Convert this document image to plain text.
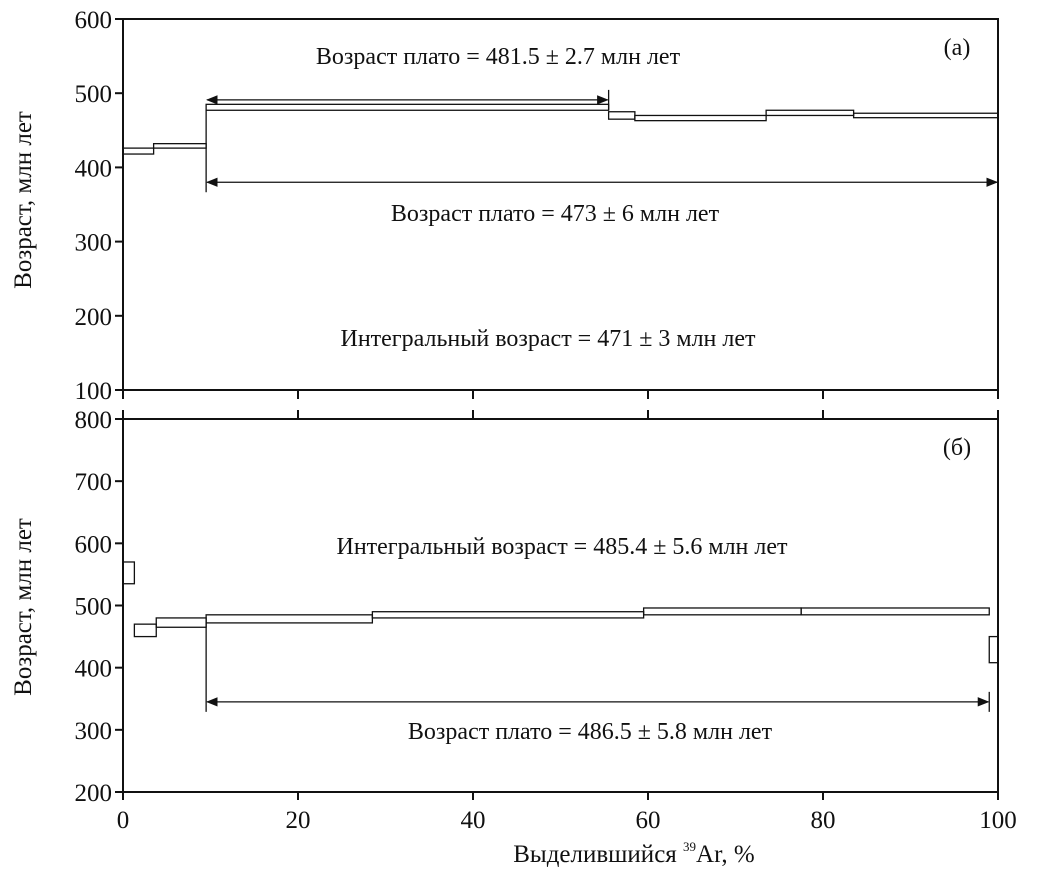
Возраст, млн лет
(а)
Возраст плато = 481.5 ± 2.7 млн лет
Возраст плато = 473 ± 6 млн лет
Интегральный возраст = 471 ± 3 млн лет
100
200
300
400
500
600
Возраст, млн лет
(б)
Интегральный возраст = 485.4 ± 5.6 млн лет
Возраст плато = 486.5 ± 5.8 млн лет
Выделившийся $^{39}$Ar, %
200
300
400
500
600
700
800
0	20	40	60	80	100
